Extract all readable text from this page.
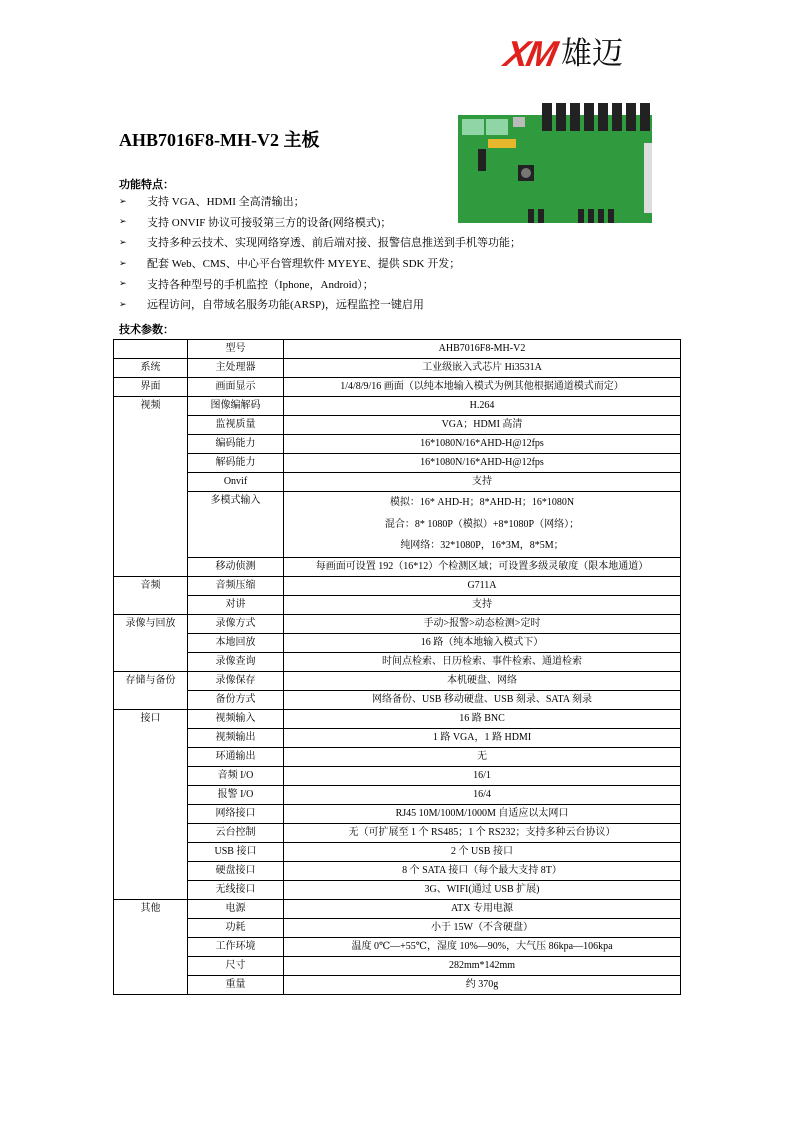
XM 雄迈
AHB7016F8-MH-V2 主板
功能特点：
➢	支持 VGA、HDMI 全高清输出；
➢	支持 ONVIF 协议可接驳第三方的设备(网络模式)；
➢	支持多种云技术、实现网络穿透、前后端对接、报警信息推送到手机等功能；
➢	配套 Web、CMS、中心平台管理软件 MYEYE、提供 SDK 开发；
➢	支持各种型号的手机监控（Iphone，Android）；
➢	远程访问，自带域名服务功能(ARSP)，远程监控一键启用
技术参数：
	型号	AHB7016F8-MH-V2
系统	主处理器	工业级嵌入式芯片 Hi3531A
界面	画面显示	1/4/8/9/16 画面（以纯本地输入模式为例其他根据通道模式而定）
视频	图像编解码	H.264
	监视质量	VGA；HDMI 高清
	编码能力	16*1080N/16*AHD-H@12fps
	解码能力	16*1080N/16*AHD-H@12fps
	Onvif	支持
	多模式输入	模拟：16* AHD-H；8*AHD-H；16*1080N
混合：8* 1080P（模拟）+8*1080P（网络）；
纯网络：32*1080P，16*3M，8*5M；

	移动侦测	每画面可设置 192（16*12）个检测区域；可设置多级灵敏度（限本地通道）
音频	音频压缩	G711A
	对讲	支持
录像与回放	录像方式	手动>报警>动态检测>定时
	本地回放	16 路（纯本地输入模式下）
	录像查询	时间点检索、日历检索、事件检索、通道检索
存储与备份	录像保存	本机硬盘、网络
	备份方式	网络备份、USB 移动硬盘、USB 刻录、SATA 刻录
接口	视频输入	16 路 BNC
	视频输出	1 路 VGA，1 路 HDMI
	环通输出	无
	音频 I/O	16/1
	报警 I/O	16/4
	网络接口	RJ45 10M/100M/1000M 自适应以太网口
	云台控制	无（可扩展至 1 个 RS485；1 个 RS232；支持多种云台协议）
	USB 接口	2 个 USB 接口
	硬盘接口	8 个 SATA 接口（每个最大支持 8T）
	无线接口	3G、WIFI(通过 USB 扩展)
其他	电源	ATX 专用电源
	功耗	小于 15W（不含硬盘）
	工作环境	温度 0℃—+55℃，湿度 10%—90%，大气压 86kpa—106kpa
	尺寸	282mm*142mm
	重量	约 370g
